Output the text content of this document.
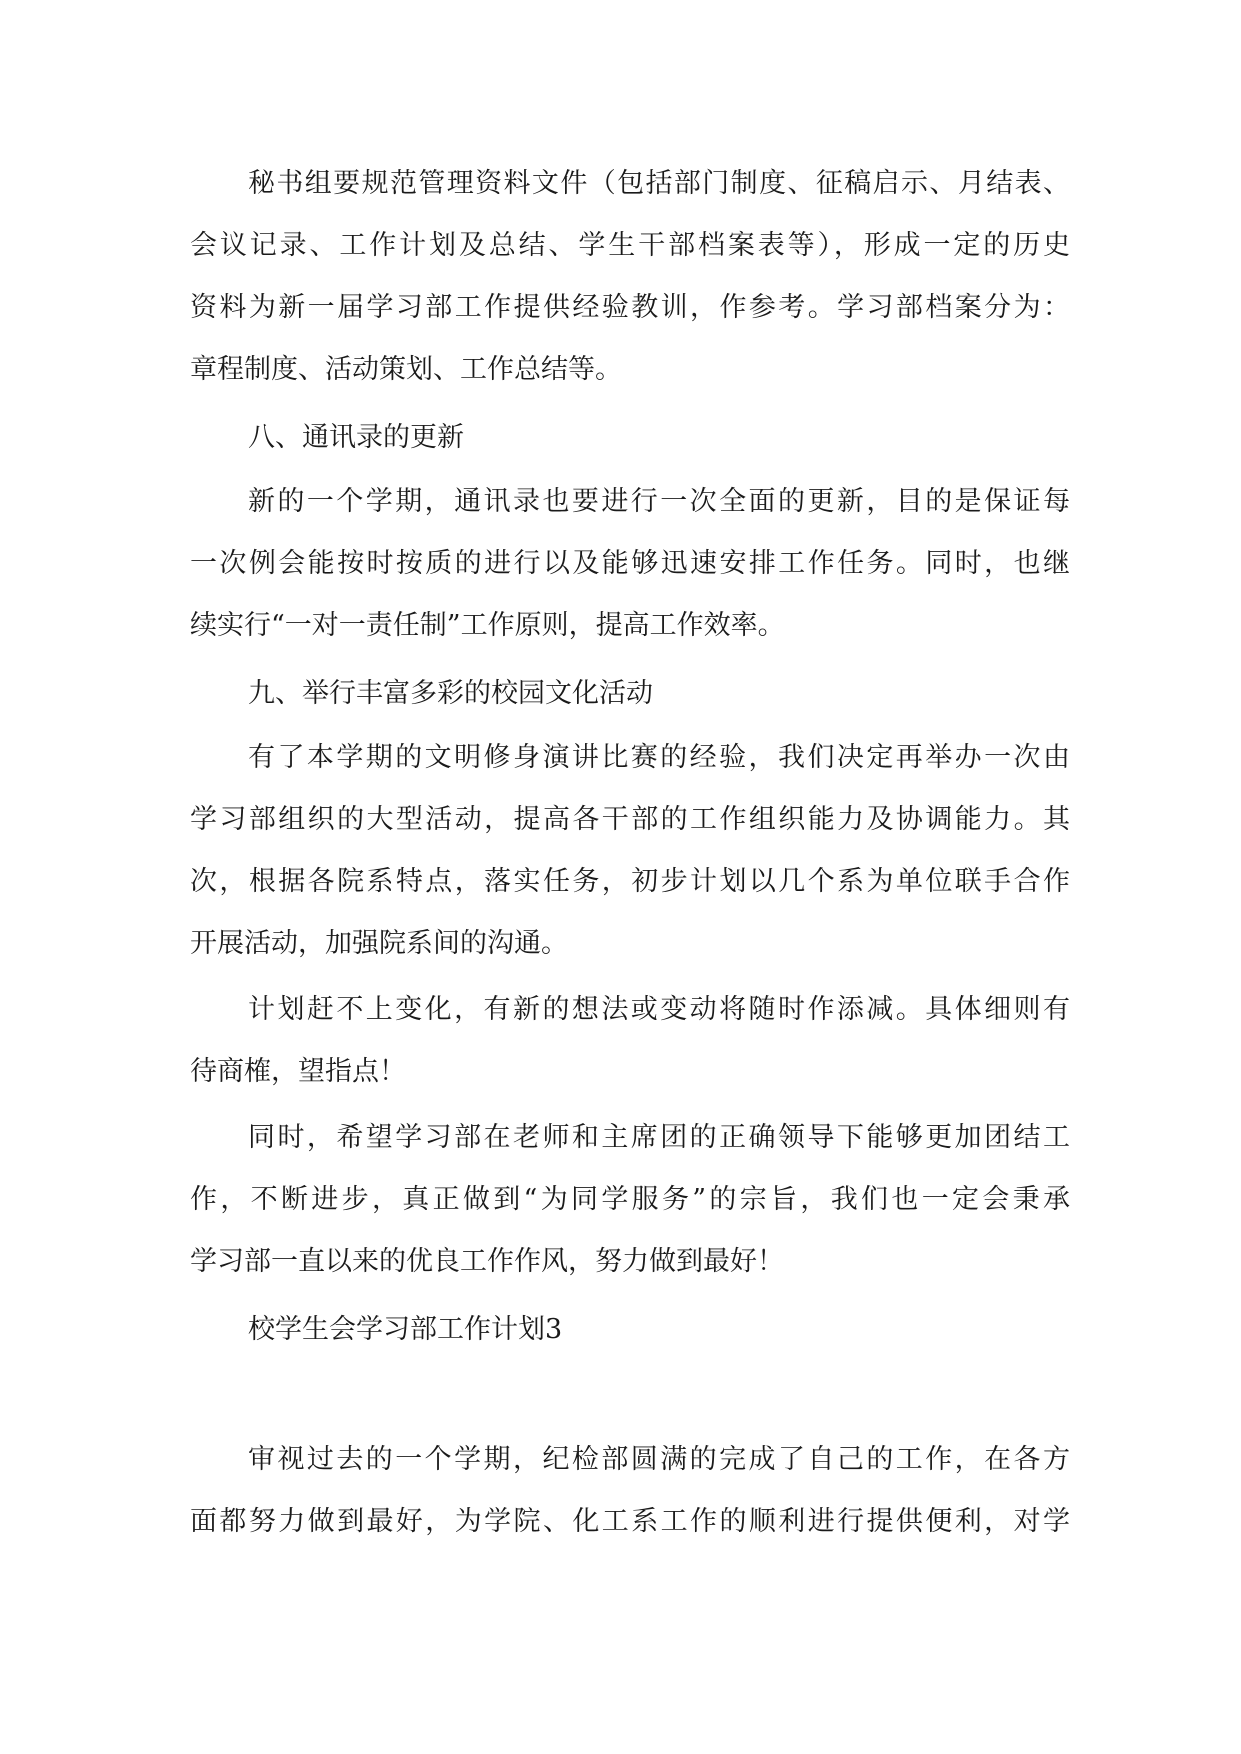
秘书组要规范管理资料文件（包括部门制度、征稿启示、月结表、

会议记录、工作计划及总结、学生干部档案表等），形成一定的历史

资料为新一届学习部工作提供经验教训，作参考。学习部档案分为：

章程制度、活动策划、工作总结等。

八、通讯录的更新

新的一个学期，通讯录也要进行一次全面的更新，目的是保证每

一次例会能按时按质的进行以及能够迅速安排工作任务。同时，也继

续实行“一对一责任制”工作原则，提高工作效率。

九、举行丰富多彩的校园文化活动

有了本学期的文明修身演讲比赛的经验，我们决定再举办一次由

学习部组织的大型活动，提高各干部的工作组织能力及协调能力。其

次，根据各院系特点，落实任务，初步计划以几个系为单位联手合作

开展活动，加强院系间的沟通。

计划赶不上变化，有新的想法或变动将随时作添减。具体细则有

待商榷，望指点！

同时，希望学习部在老师和主席团的正确领导下能够更加团结工

作，不断进步，真正做到“为同学服务”的宗旨，我们也一定会秉承

学习部一直以来的优良工作作风，努力做到最好！

校学生会学习部工作计划3

审视过去的一个学期，纪检部圆满的完成了自己的工作，在各方

面都努力做到最好，为学院、化工系工作的顺利进行提供便利，对学
